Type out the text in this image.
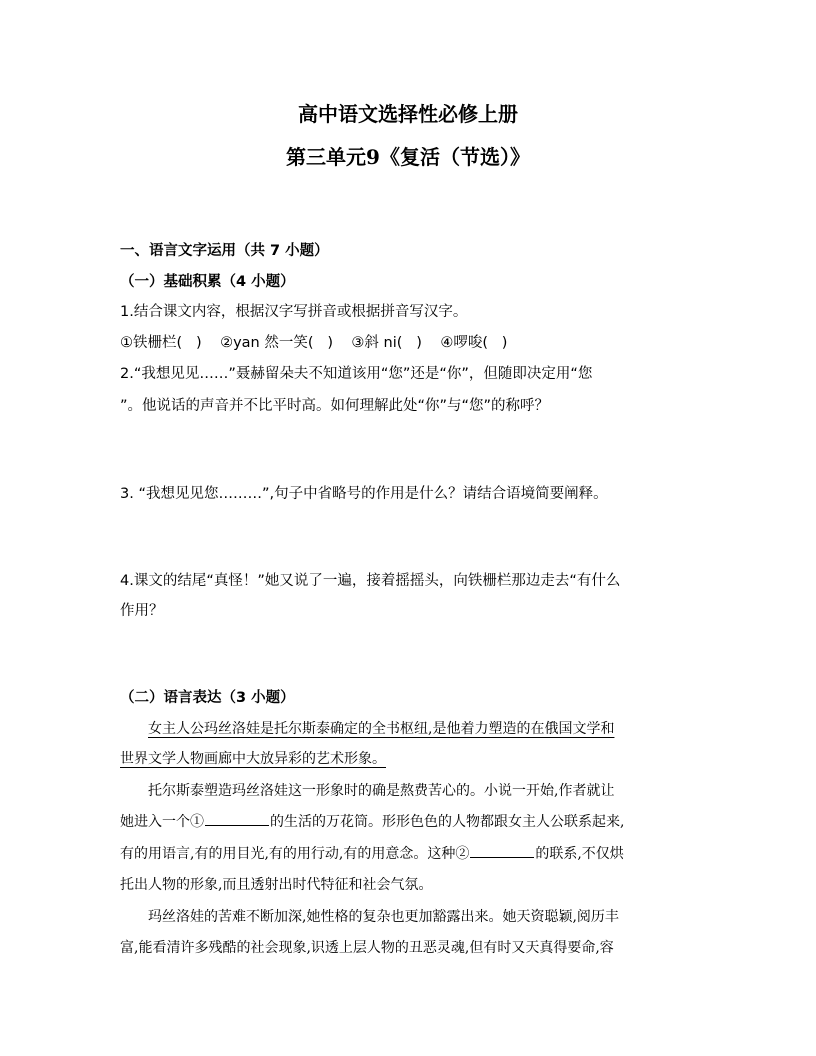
高中语文选择性必修上册
第三单元9《复活（节选）》
一、语言文字运用（共 7 小题）
（一）基础积累（4 小题）
1.结合课文内容，根据汉字写拼音或根据拼音写汉字。
①铁栅栏(   )    ②yan 然一笑(   )    ③斜 ni(   )    ④啰唆(   )
2.“我想见见……”聂赫留朵夫不知道该用“您”还是“你”，但随即决定用“您
”。他说话的声音并不比平时高。如何理解此处“你”与“您”的称呼？
3. “我想见见您………”,句子中省略号的作用是什么？请结合语境简要阐释。
4.课文的结尾“真怪！”她又说了一遍，接着摇摇头，向铁栅栏那边走去“有什么
作用？
（二）语言表达（3 小题）
女主人公玛丝洛娃是托尔斯泰确定的全书枢纽,是他着力塑造的在俄国文学和
世界文学人物画廊中大放异彩的艺术形象。
托尔斯泰塑造玛丝洛娃这一形象时的确是熬费苦心的。小说一开始,作者就让
她进入一个①	的生活的万花筒。形形色色的人物都跟女主人公联系起来,
有的用语言,有的用目光,有的用行动,有的用意念。这种②	的联系,不仅烘
托出人物的形象,而且透射出时代特征和社会气氛。
玛丝洛娃的苦难不断加深,她性格的复杂也更加豁露出来。她天资聪颖,阅历丰
富,能看清许多残酷的社会现象,识透上层人物的丑恶灵魂,但有时又天真得要命,容
